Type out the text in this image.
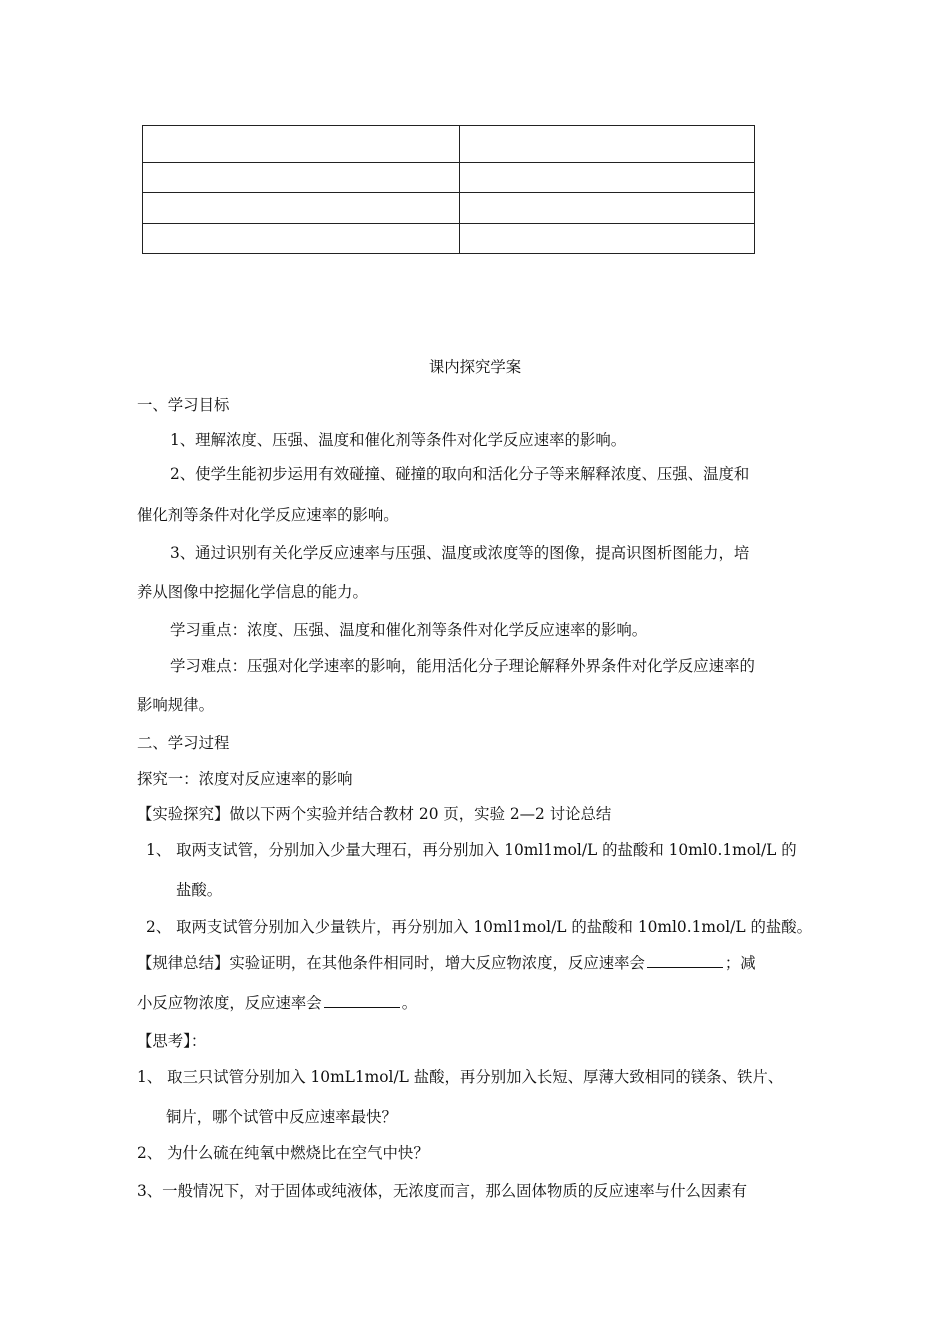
课内探究学案
一、学习目标
1、理解浓度、压强、温度和催化剂等条件对化学反应速率的影响。
2、使学生能初步运用有效碰撞、碰撞的取向和活化分子等来解释浓度、压强、温度和
催化剂等条件对化学反应速率的影响。
3、通过识别有关化学反应速率与压强、温度或浓度等的图像，提高识图析图能力，培
养从图像中挖掘化学信息的能力。
学习重点：浓度、压强、温度和催化剂等条件对化学反应速率的影响。
学习难点：压强对化学速率的影响，能用活化分子理论解释外界条件对化学反应速率的
影响规律。
二、学习过程
探究一：浓度对反应速率的影响
【实验探究】做以下两个实验并结合教材 20 页，实验 2—2 讨论总结
1、 取两支试管，分别加入少量大理石，再分别加入 10ml1mol/L 的盐酸和 10ml0.1mol/L 的
盐酸。
2、 取两支试管分别加入少量铁片，再分别加入 10ml1mol/L 的盐酸和 10ml0.1mol/L 的盐酸。
【规律总结】实验证明，在其他条件相同时，增大反应物浓度，反应速率会	；减
小反应物浓度，反应速率会	。
【思考】：
1、 取三只试管分别加入 10mL1mol/L 盐酸，再分别加入长短、厚薄大致相同的镁条、铁片、
铜片，哪个试管中反应速率最快？
2、 为什么硫在纯氧中燃烧比在空气中快？
3、一般情况下，对于固体或纯液体，无浓度而言，那么固体物质的反应速率与什么因素有
